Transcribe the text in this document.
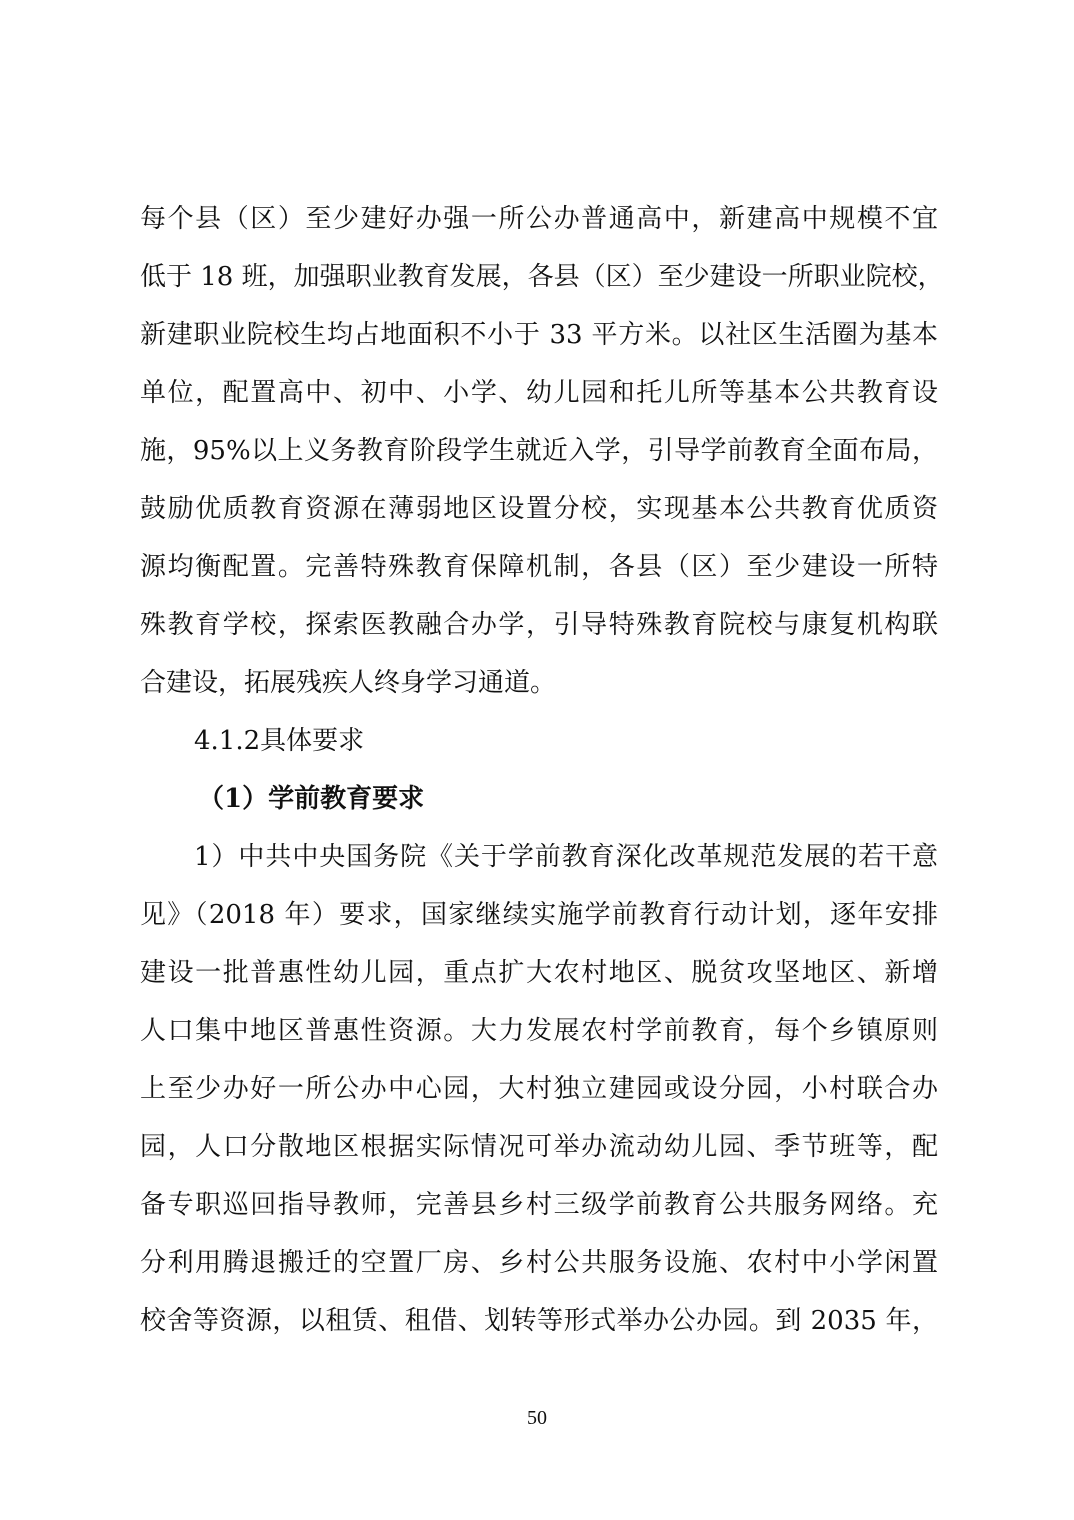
每个县（区）至少建好办强一所公办普通高中，新建高中规模不宜
低于 18 班，加强职业教育发展，各县（区）至少建设一所职业院校，
新建职业院校生均占地面积不小于 33 平方米。以社区生活圈为基本
单位，配置高中、初中、小学、幼儿园和托儿所等基本公共教育设
施，95%以上义务教育阶段学生就近入学，引导学前教育全面布局，
鼓励优质教育资源在薄弱地区设置分校，实现基本公共教育优质资
源均衡配置。完善特殊教育保障机制，各县（区）至少建设一所特
殊教育学校，探索医教融合办学，引导特殊教育院校与康复机构联
合建设，拓展残疾人终身学习通道。
4.1.2具体要求
（1）学前教育要求
1）中共中央国务院《关于学前教育深化改革规范发展的若干意
见》（2018 年）要求，国家继续实施学前教育行动计划，逐年安排
建设一批普惠性幼儿园，重点扩大农村地区、脱贫攻坚地区、新增
人口集中地区普惠性资源。大力发展农村学前教育，每个乡镇原则
上至少办好一所公办中心园，大村独立建园或设分园，小村联合办
园，人口分散地区根据实际情况可举办流动幼儿园、季节班等，配
备专职巡回指导教师，完善县乡村三级学前教育公共服务网络。充
分利用腾退搬迁的空置厂房、乡村公共服务设施、农村中小学闲置
校舍等资源，以租赁、租借、划转等形式举办公办园。到 2035 年，
50
